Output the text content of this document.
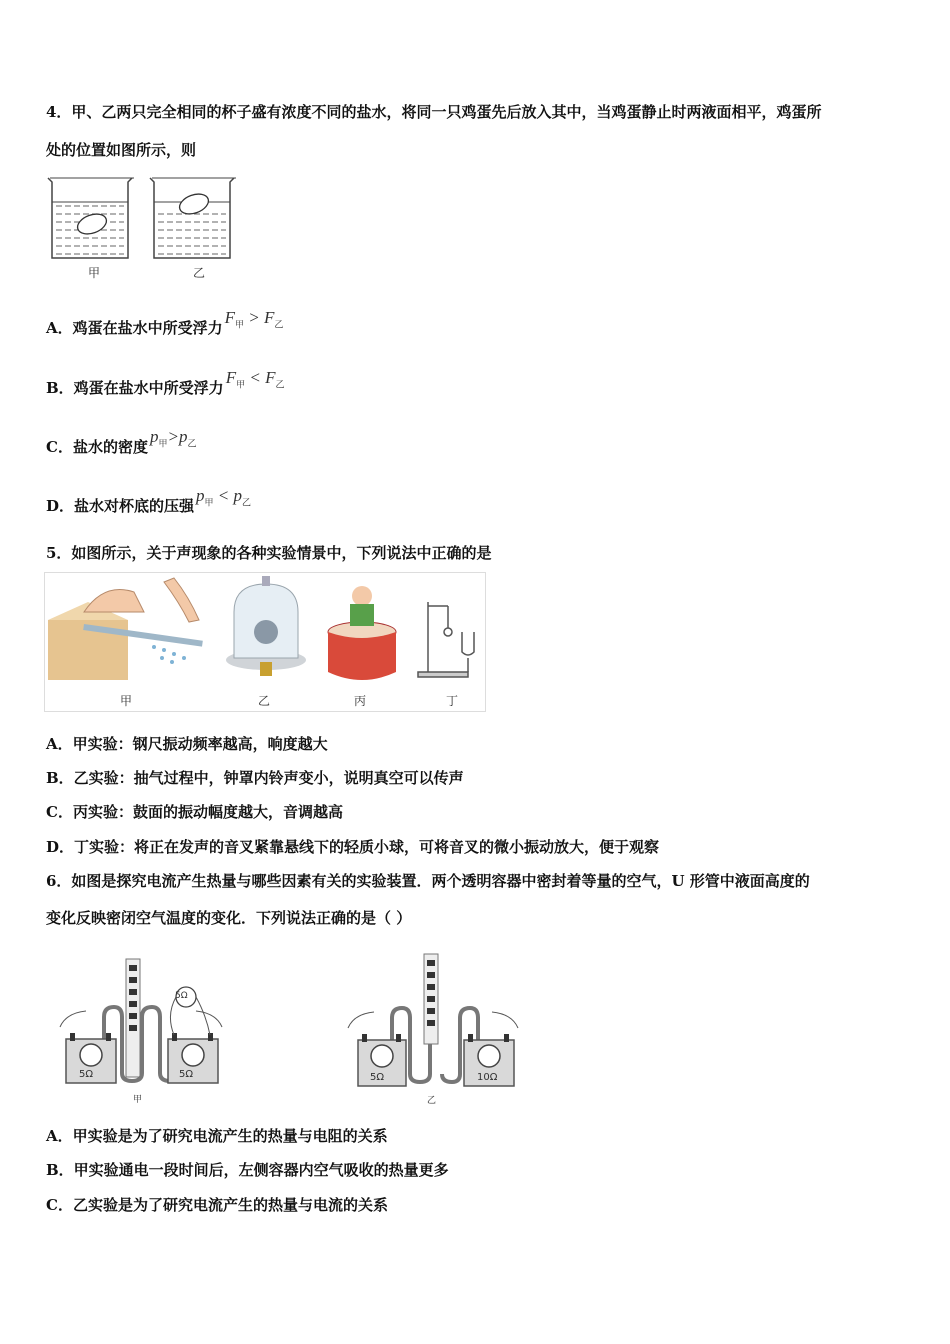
4．甲、乙两只完全相同的杯子盛有浓度不同的盐水，将同一只鸡蛋先后放入其中，当鸡蛋静止时两液面相平，鸡蛋所
处的位置如图所示，则
甲	乙
A．鸡蛋在盐水中所受浮力$F_甲 > F_乙$
B．鸡蛋在盐水中所受浮力$F_甲 < F_乙$
C．盐水的密度$p_甲>p_乙$
D．盐水对杯底的压强$p_甲 < p_乙$
5．如图所示，关于声现象的各种实验情景中，下列说法中正确的是
甲	乙	丙	丁
A．甲实验：钢尺振动频率越高，响度越大
B．乙实验：抽气过程中，钟罩内铃声变小，说明真空可以传声
C．丙实验：鼓面的振动幅度越大，音调越高
D．丁实验：将正在发声的音叉紧靠悬线下的轻质小球，可将音叉的微小振动放大，便于观察
6．如图是探究电流产生热量与哪些因素有关的实验装置．两个透明容器中密封着等量的空气，U 形管中液面高度的
变化反映密闭空气温度的变化．下列说法正确的是（ ）
5Ω
5Ω	5Ω
甲
5Ω	10Ω
乙
A．甲实验是为了研究电流产生的热量与电阻的关系
B．甲实验通电一段时间后，左侧容器内空气吸收的热量更多
C．乙实验是为了研究电流产生的热量与电流的关系
